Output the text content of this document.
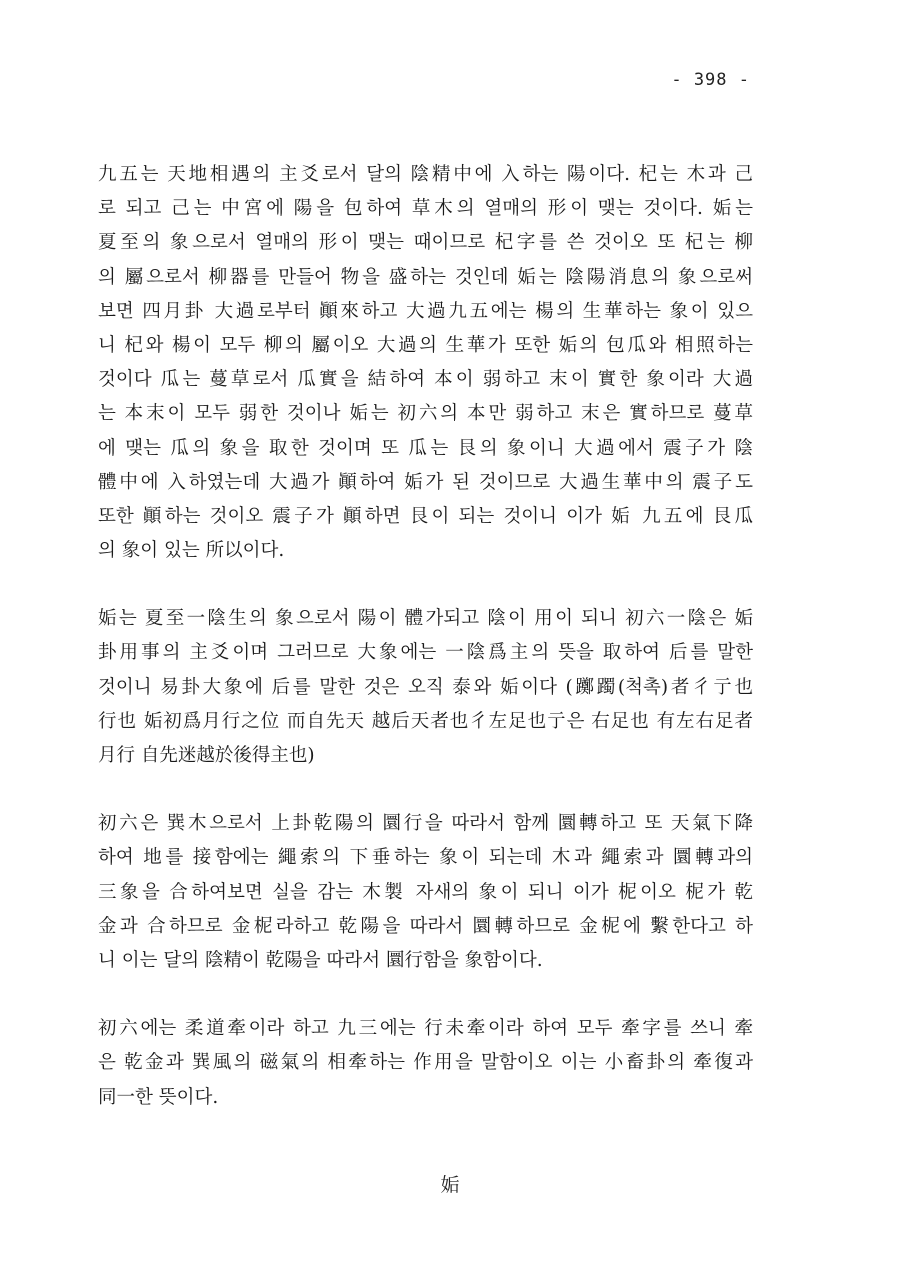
- 398 -
九五는 天地相遇의 主爻로서 달의 陰精中에 入하는 陽이다. 杞는 木과 己
로 되고 己는 中宮에 陽을 包하여 草木의 열매의 形이 맺는 것이다. 姤는
夏至의 象으로서 열매의 形이 맺는 때이므로 杞字를 쓴 것이오 또 杞는 柳
의 屬으로서 柳器를 만들어 物을 盛하는 것인데 姤는 陰陽消息의 象으로써
보면 四月卦 大過로부터 顚來하고 大過九五에는 楊의 生華하는 象이 있으
니 杞와 楊이 모두 柳의 屬이오 大過의 生華가 또한 姤의 包瓜와 相照하는
것이다 瓜는 蔓草로서 瓜實을 結하여 本이 弱하고 末이 實한 象이라 大過
는 本末이 모두 弱한 것이나 姤는 初六의 本만 弱하고 末은 實하므로 蔓草
에 맺는 瓜의 象을 取한 것이며 또 瓜는 艮의 象이니 大過에서 震子가 陰
體中에 入하였는데 大過가 顚하여 姤가 된 것이므로 大過生華中의 震子도
또한 顚하는 것이오 震子가 顚하면 艮이 되는 것이니 이가 姤 九五에 艮瓜
의 象이 있는 所以이다.
姤는 夏至一陰生의 象으로서 陽이 體가되고 陰이 用이 되니 初六一陰은 姤
卦用事의 主爻이며 그러므로 大象에는 一陰爲主의 뜻을 取하여 后를 말한
것이니 易卦大象에 后를 말한 것은 오직 泰와 姤이다 (躑躅(척촉)者彳亍也
行也 姤初爲月行之位 而自先天 越后天者也彳左足也亍은 右足也 有左右足者
月行 自先迷越於後得主也)
初六은 巽木으로서 上卦乾陽의 圜行을 따라서 함께 圜轉하고 또 天氣下降
하여 地를 接함에는 繩索의 下垂하는 象이 되는데 木과 繩索과 圜轉과의
三象을 合하여보면 실을 감는 木製 자새의 象이 되니 이가 柅이오 柅가 乾
金과 合하므로 金柅라하고 乾陽을 따라서 圜轉하므로 金柅에 繫한다고 하
니 이는 달의 陰精이 乾陽을 따라서 圜行함을 象함이다.
初六에는 柔道牽이라 하고 九三에는 行未牽이라 하여 모두 牽字를 쓰니 牽
은 乾金과 巽風의 磁氣의 相牽하는 作用을 말함이오 이는 小畜卦의 牽復과
同一한 뜻이다.
姤
